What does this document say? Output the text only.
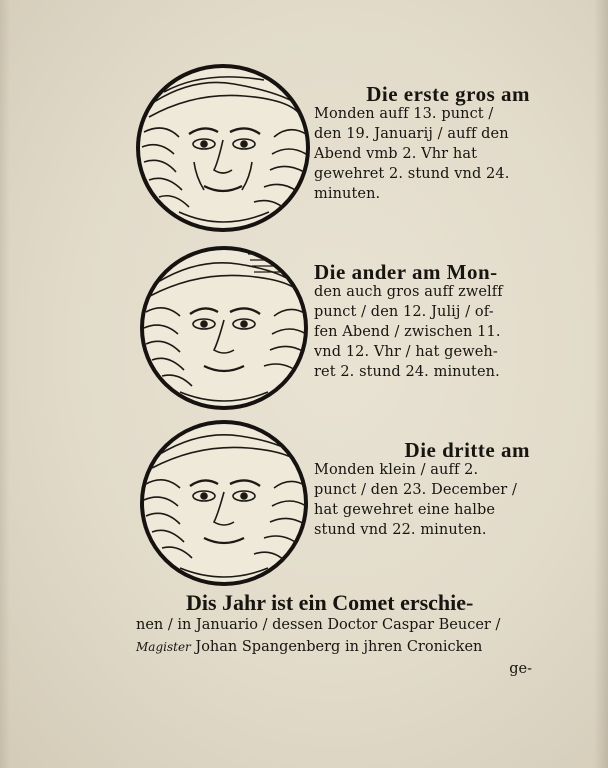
Die erste gros am
Monden auff 13. punct /
den 19. Januarij / auff den
Abend vmb 2. Vhr hat
gewehret 2. stund vnd 24.
minuten.
Die ander am Mon-
den auch gros auff zwelff
punct / den 12. Julij / of-
fen Abend / zwischen 11.
vnd 12. Vhr / hat geweh-
ret 2. stund 24. minuten.
Die dritte am
Monden klein / auff 2.
punct / den 23. December /
hat gewehret eine halbe
stund vnd 22. minuten.
Dis Jahr ist ein Comet erschie-
nen / in Januario / dessen Doctor Caspar Beucer /
Magister Johan Spangenberg in jhren Cronicken
ge-
